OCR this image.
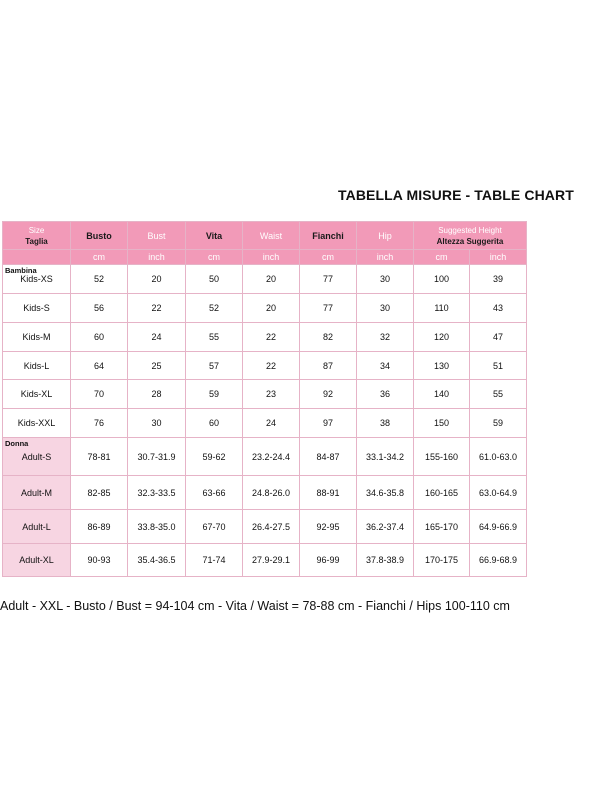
TABELLA MISURE - TABLE CHART
Size
Taglia	Busto	Bust	Vita	Waist	Fianchi	Hip	Suggested Height
Altezza Suggerita	

	cm	inch	cm	inch	cm	inch	cm	inch

Bambina
Kids-XS	52	20	50	20	77	30	100	39

Kids-S	56	22	52	20	77	30	110	43

Kids-M	60	24	55	22	82	32	120	47

Kids-L	64	25	57	22	87	34	130	51

Kids-XL	70	28	59	23	92	36	140	55

Kids-XXL	76	30	60	24	97	38	150	59

Donna
Adult-S	78-81	30.7-31.9	59-62	23.2-24.4	84-87	33.1-34.2	155-160	61.0-63.0

Adult-M	82-85	32.3-33.5	63-66	24.8-26.0	88-91	34.6-35.8	160-165	63.0-64.9

Adult-L	86-89	33.8-35.0	67-70	26.4-27.5	92-95	36.2-37.4	165-170	64.9-66.9

Adult-XL	90-93	35.4-36.5	71-74	27.9-29.1	96-99	37.8-38.9	170-175	66.9-68.9
Adult - XXL - Busto / Bust = 94-104 cm - Vita / Waist = 78-88 cm - Fianchi / Hips 100-110 cm
